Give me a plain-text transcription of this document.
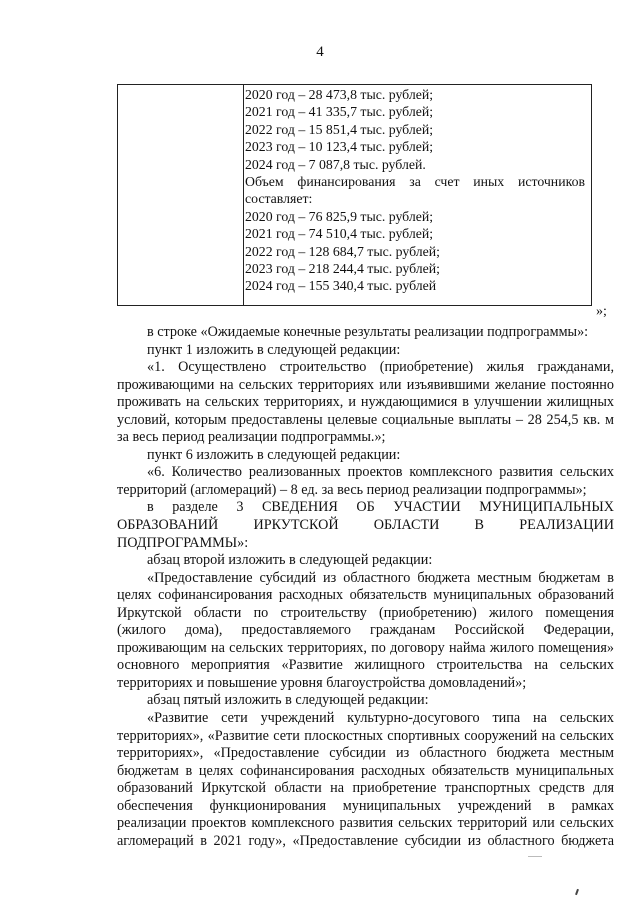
4
2020 год – 28 473,8 тыс. рублей;
2021 год – 41 335,7 тыс. рублей;
2022 год – 15 851,4 тыс. рублей;
2023 год – 10 123,4 тыс. рублей;
2024 год – 7 087,8 тыс. рублей.
Объем финансирования за счет иных источников
составляет:
2020 год – 76 825,9 тыс. рублей;
2021 год – 74 510,4 тыс. рублей;
2022 год – 128 684,7 тыс. рублей;
2023 год – 218 244,4 тыс. рублей;
2024 год – 155 340,4 тыс. рублей
»;

в строке «Ожидаемые конечные результаты реализации подпрограммы»:

пункт 1 изложить в следующей редакции:

«1. Осуществлено строительство (приобретение) жилья гражданами,
проживающими на сельских территориях или изъявившими желание постоянно
проживать на сельских территориях, и нуждающимися в улучшении жилищных
условий, которым предоставлены целевые социальные выплаты – 28 254,5 кв. м
за весь период реализации подпрограммы.»;

пункт 6 изложить в следующей редакции:

«6. Количество реализованных проектов комплексного развития сельских
территорий (агломераций) – 8 ед. за весь период реализации подпрограммы»;
в разделе 3 СВЕДЕНИЯ ОБ УЧАСТИИ МУНИЦИПАЛЬНЫХ
ОБРАЗОВАНИЙ ИРКУТСКОЙ ОБЛАСТИ В РЕАЛИЗАЦИИ
ПОДПРОГРАММЫ»:

абзац второй изложить в следующей редакции:

«Предоставление субсидий из областного бюджета местным бюджетам в
целях софинансирования расходных обязательств муниципальных образований
Иркутской области по строительству (приобретению) жилого помещения
(жилого дома), предоставляемого гражданам Российской Федерации,
проживающим на сельских территориях, по договору найма жилого помещения»
основного мероприятия «Развитие жилищного строительства на сельских
территориях и повышение уровня благоустройства домовладений»;

абзац пятый изложить в следующей редакции:

«Развитие сети учреждений культурно-досугового типа на сельских
территориях», «Развитие сети плоскостных спортивных сооружений на сельских
территориях», «Предоставление субсидии из областного бюджета местным
бюджетам в целях софинансирования расходных обязательств муниципальных
образований Иркутской области на приобретение транспортных средств для
обеспечения функционирования муниципальных учреждений в рамках
реализации проектов комплексного развития сельских территорий или сельских
агломераций в 2021 году», «Предоставление субсидии из областного бюджета
